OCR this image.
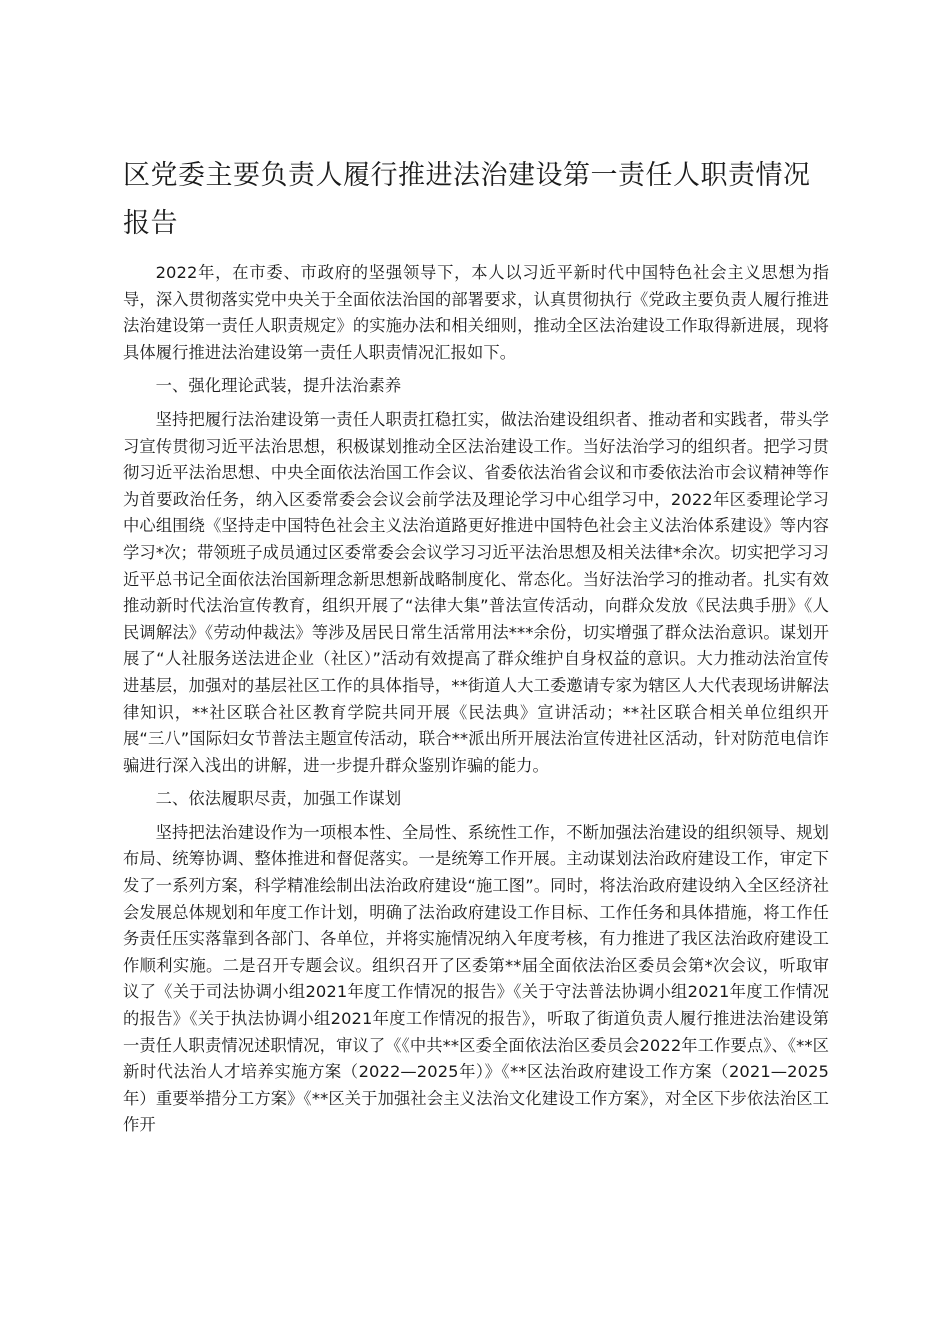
区党委主要负责人履行推进法治建设第一责任人职责情况报告

2022年，在市委、市政府的坚强领导下，本人以习近平新时代中国特色社会主义思想为指导，深入贯彻落实党中央关于全面依法治国的部署要求，认真贯彻执行《党政主要负责人履行推进法治建设第一责任人职责规定》的实施办法和相关细则，推动全区法治建设工作取得新进展，现将具体履行推进法治建设第一责任人职责情况汇报如下。

一、强化理论武装，提升法治素养

坚持把履行法治建设第一责任人职责扛稳扛实，做法治建设组织者、推动者和实践者，带头学习宣传贯彻习近平法治思想，积极谋划推动全区法治建设工作。当好法治学习的组织者。把学习贯彻习近平法治思想、中央全面依法治国工作会议、省委依法治省会议和市委依法治市会议精神等作为首要政治任务，纳入区委常委会会议会前学法及理论学习中心组学习中，2022年区委理论学习中心组围绕《坚持走中国特色社会主义法治道路更好推进中国特色社会主义法治体系建设》等内容学习*次；带领班子成员通过区委常委会会议学习习近平法治思想及相关法律*余次。切实把学习习近平总书记全面依法治国新理念新思想新战略制度化、常态化。当好法治学习的推动者。扎实有效推动新时代法治宣传教育，组织开展了“法律大集”普法宣传活动，向群众发放《民法典手册》《人民调解法》《劳动仲裁法》等涉及居民日常生活常用法***余份，切实增强了群众法治意识。谋划开展了“人社服务送法进企业（社区）”活动有效提高了群众维护自身权益的意识。大力推动法治宣传进基层，加强对的基层社区工作的具体指导，**街道人大工委邀请专家为辖区人大代表现场讲解法律知识，**社区联合社区教育学院共同开展《民法典》宣讲活动；**社区联合相关单位组织开展“三八”国际妇女节普法主题宣传活动，联合**派出所开展法治宣传进社区活动，针对防范电信诈骗进行深入浅出的讲解，进一步提升群众鉴别诈骗的能力。

二、依法履职尽责，加强工作谋划

坚持把法治建设作为一项根本性、全局性、系统性工作，不断加强法治建设的组织领导、规划布局、统筹协调、整体推进和督促落实。一是统筹工作开展。主动谋划法治政府建设工作，审定下发了一系列方案，科学精准绘制出法治政府建设“施工图”。同时，将法治政府建设纳入全区经济社会发展总体规划和年度工作计划，明确了法治政府建设工作目标、工作任务和具体措施，将工作任务责任压实落靠到各部门、各单位，并将实施情况纳入年度考核，有力推进了我区法治政府建设工作顺利实施。二是召开专题会议。组织召开了区委第**届全面依法治区委员会第*次会议，听取审议了《关于司法协调小组2021年度工作情况的报告》《关于守法普法协调小组2021年度工作情况的报告》《关于执法协调小组2021年度工作情况的报告》，听取了街道负责人履行推进法治建设第一责任人职责情况述职情况，审议了《《中共**区委全面依法治区委员会2022年工作要点》、《**区新时代法治人才培养实施方案（2022—2025年）》《**区法治政府建设工作方案（2021—2025年）重要举措分工方案》《**区关于加强社会主义法治文化建设工作方案》，对全区下步依法治区工作开
